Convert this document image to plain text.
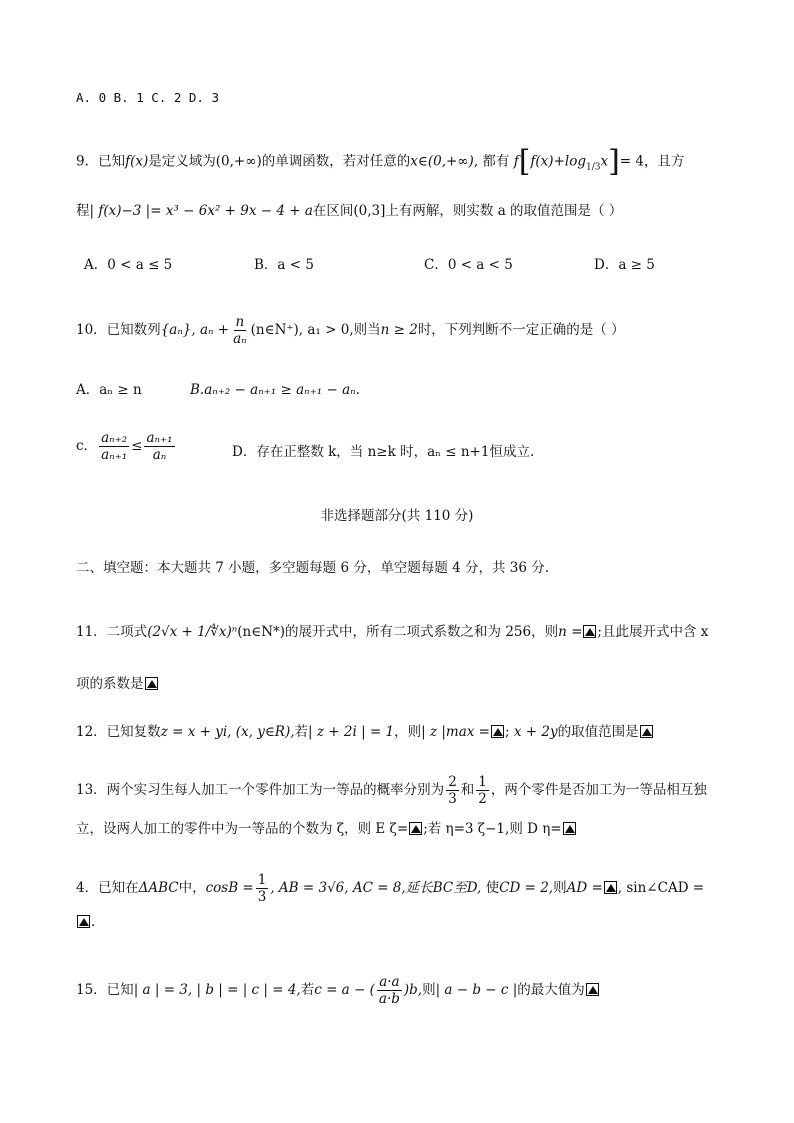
A. 0 B. 1 C. 2 D. 3
9．已知f(x)是定义域为(0,+∞)的单调函数，若对任意的x∈(0,+∞), 都有 $f[f(x)+\log_{1/3}x]= 4$，且方
程| f(x)−3 |= x³ − 6x² + 9x − 4 + a在区间(0,3]上有两解，则实数 a 的取值范围是（ ）
A．0 < a ≤ 5	B．a < 5	C．0 < a < 5	D．a ≥ 5
10．已知数列{aₙ}, $a_n + \frac{n}{\text{aₙ}}$ (n∈N⁺), a₁ > 0,则当n ≥ 2时，下列判断不一定正确的是（ ）
A．aₙ ≥ n	B.aₙ₊₂ − aₙ₊₁ ≥ aₙ₊₁ − aₙ.
c． $\frac{\text{aₙ₊₂}}{\text{aₙ₊₁}} \le \frac{\text{aₙ₊₁}}{\text{aₙ}}$	D．存在正整数 k，当 n≥k 时，aₙ ≤ n+1恒成立.
非选择题部分(共 110 分)
二、填空题：本大题共 7 小题，多空题每题 6 分，单空题每题 4 分，共 36 分.
11．二项式(2√x + 1/∜x)ⁿ(n∈N*)的展开式中，所有二项式系数之和为 256，则n = ;且此展开式中含 x
项的系数是
12．已知复数z = x + yi, (x, y∈R),若| z + 2i | = 1，则| z |max = ; x + 2y的取值范围是
13．两个实习生每人加工一个零件加工为一等品的概率分别为 $\frac{2}{3}$ 和 $\frac{1}{2}$ ，两个零件是否加工为一等品相互独
立，设两人加工的零件中为一等品的个数为 ζ，则 E ζ= ;若 η=3 ζ−1,则 D η=
4．已知在ΔABC中，$\cos B = \frac{1}{3}$ , AB = 3√6, AC = 8,延长BC至D, 使CD = 2,则AD = , sin∠CAD =
.
15．已知| a | = 3, | b | = | c | = 4,若c = a − ( $\frac{a\cdot a}{a\cdot b} )b$,则| a − b − c |的最大值为
